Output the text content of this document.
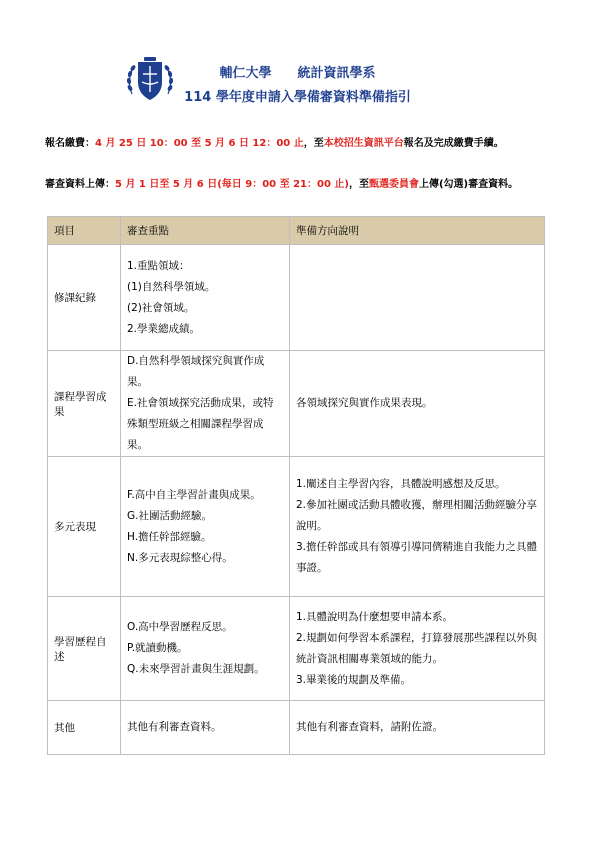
輔仁大學 統計資訊學系
114 學年度申請入學備審資料準備指引
報名繳費：4 月 25 日 10：00 至 5 月 6 日 12：00 止，至本校招生資訊平台報名及完成繳費手續。
審查資料上傳：5 月 1 日至 5 月 6 日(每日 9：00 至 21：00 止)，至甄選委員會上傳(勾選)審查資料。
項目	審查重點	準備方向說明
修課紀錄	1.重點領域：
(1)自然科學領域。
(2)社會領域。
2.學業總成績。	

課程學習成果	D.自然科學領域探究與實作成果。
E.社會領域探究活動成果，或特殊類型班級之相關課程學習成果。	各領域探究與實作成果表現。

多元表現	F.高中自主學習計畫與成果。
G.社團活動經驗。
H.擔任幹部經驗。
N.多元表現綜整心得。	1.闡述自主學習內容，具體說明感想及反思。
2.參加社團或活動具體收獲，辦理相關活動經驗分享說明。
3.擔任幹部或具有領導引導同儕精進自我能力之具體事證。

學習歷程自述	O.高中學習歷程反思。
P.就讀動機。
Q.未來學習計畫與生涯規劃。	1.具體說明為什麼想要申請本系。
2.規劃如何學習本系課程，打算發展那些課程以外與統計資訊相關專業領域的能力。
3.畢業後的規劃及準備。

其他	其他有利審查資料。	其他有利審查資料，請附佐證。
